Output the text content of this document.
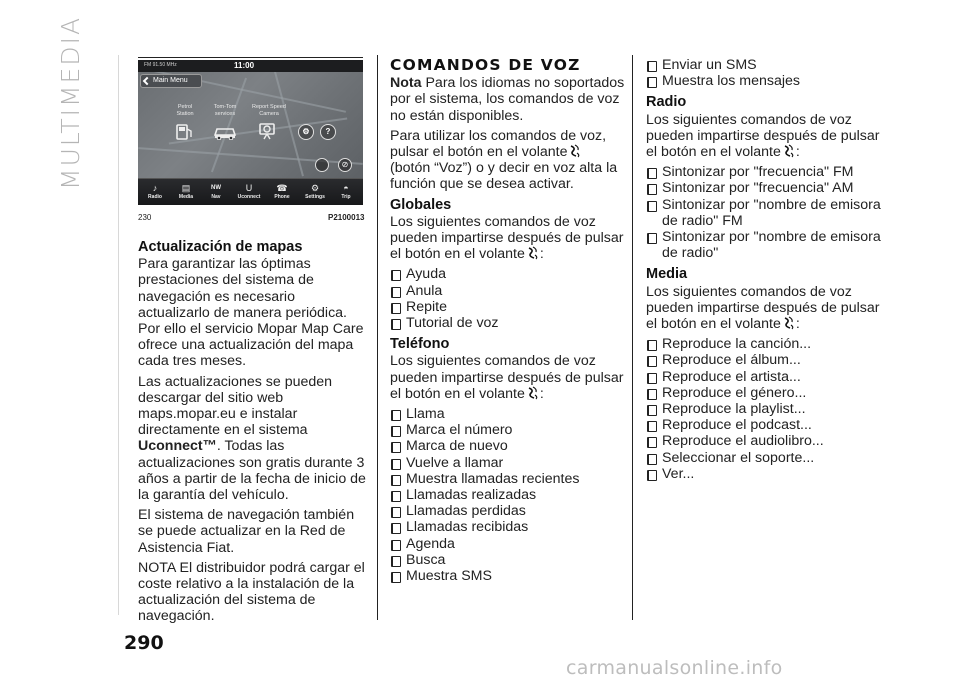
MULTIMEDIA	FM 91.50 MHz	11:00
Main Menu
Petrol
Station
Tom-Tom
services
Report Speed
Camera
⚙	?
⊘
♪
Radio
▤
Media
NW
Nav
U
Uconnect
☎
Phone
⚙
Settings
◓
Trip
230	P2100013
Actualización de mapas

Para garantizar las óptimas prestaciones del sistema de navegación es necesario actualizarlo de manera periódica. Por ello el servicio Mopar Map Care ofrece una actualización del mapa cada tres meses.

Las actualizaciones se pueden descargar del sitio web maps.mopar.eu e instalar directamente en el sistema Uconnect™. Todas las actualizaciones son gratis durante 3 años a partir de la fecha de inicio de la garantía del vehículo.

El sistema de navegación también se puede actualizar en la Red de Asistencia Fiat.

NOTA El distribuidor podrá cargar el coste relativo a la instalación de la actualización del sistema de navegación.

COMANDOS DE VOZ

Nota Para los idiomas no soportados por el sistema, los comandos de voz no están disponibles.

Para utilizar los comandos de voz, pulsar el botón en el volante
(botón “Voz”) o y decir en voz alta la función que se desea activar.

Globales

Los siguientes comandos de voz pueden impartirse después de pulsar el botón en el volante :

Ayuda
Anula
Repite
Tutorial de voz
Teléfono

Los siguientes comandos de voz pueden impartirse después de pulsar el botón en el volante :

Llama
Marca el número
Marca de nuevo
Vuelve a llamar
Muestra llamadas recientes
Llamadas realizadas
Llamadas perdidas
Llamadas recibidas
Agenda
Busca
Muestra SMS
Enviar un SMS
Muestra los mensajes
Radio

Los siguientes comandos de voz pueden impartirse después de pulsar el botón en el volante :

Sintonizar por "frecuencia" FM
Sintonizar por "frecuencia" AM
Sintonizar por "nombre de emisora de radio" FM
Sintonizar por "nombre de emisora de radio"
Media

Los siguientes comandos de voz pueden impartirse después de pulsar el botón en el volante :

Reproduce la canción...
Reproduce el álbum...
Reproduce el artista...
Reproduce el género...
Reproduce la playlist...
Reproduce el podcast...
Reproduce el audiolibro...
Seleccionar el soporte...
Ver...
290
carmanualsonline.info
